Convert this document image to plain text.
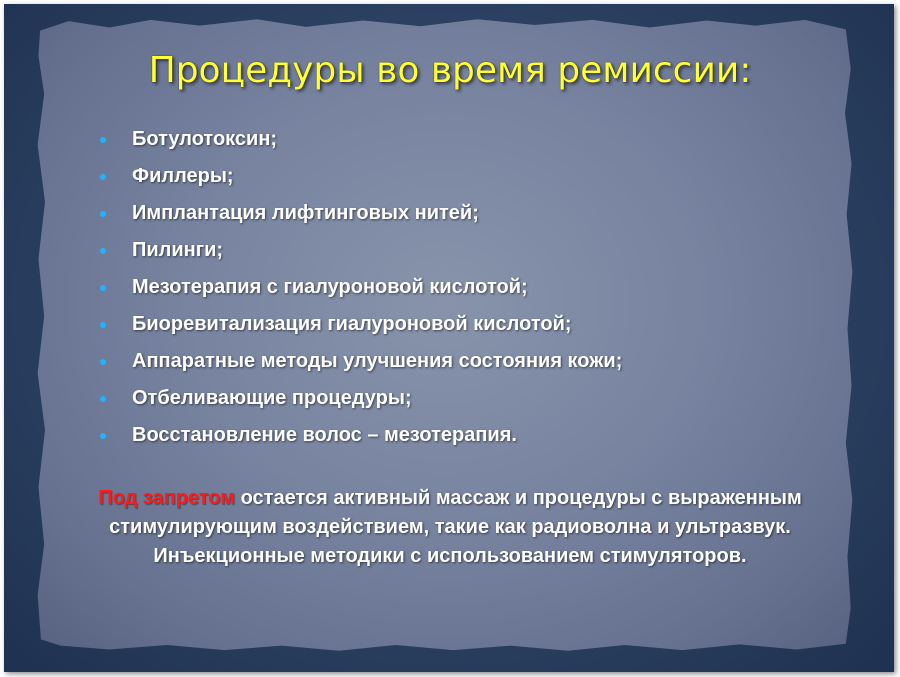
Процедуры во время ремиссии:
Ботулотоксин;
Филлеры;
Имплантация лифтинговых нитей;
Пилинги;
Мезотерапия с гиалуроновой кислотой;
Биоревитализация гиалуроновой кислотой;
Аппаратные методы улучшения состояния кожи;
Отбеливающие процедуры;
Восстановление волос – мезотерапия.

Под запретом остается активный массаж и процедуры с выраженным стимулирующим воздействием, такие как радиоволна и ультразвук. Инъекционные методики с использованием стимуляторов.
